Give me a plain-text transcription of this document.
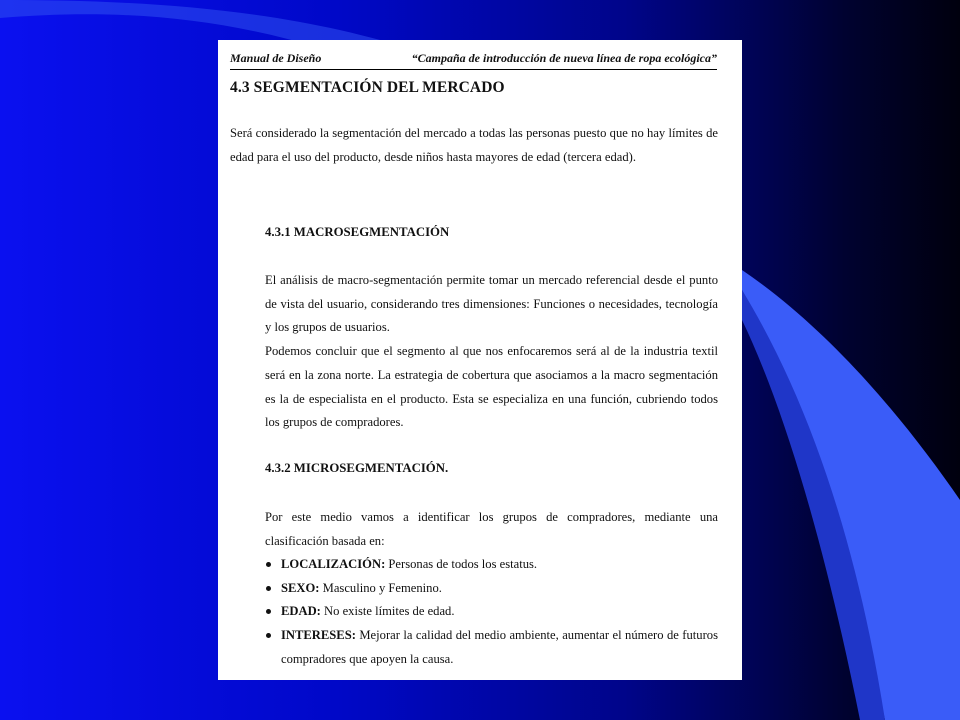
Manual de Diseño	“Campaña de introducción de nueva línea de ropa ecológica”
4.3 SEGMENTACIÓN DEL MERCADO
Será considerado la segmentación del mercado a todas las personas puesto que no hay límites de edad para el uso del producto, desde niños hasta mayores de edad (tercera edad).
4.3.1 MACROSEGMENTACIÓN
El análisis de macro-segmentación permite tomar un mercado referencial desde el punto de vista del usuario, considerando tres dimensiones: Funciones o necesidades, tecnología y los grupos de usuarios.
Podemos concluir que el segmento al que nos enfocaremos será al de la industria textil será en la zona norte. La estrategia de cobertura que asociamos a la macro segmentación es la de especialista en el producto. Esta se especializa en una función, cubriendo todos los grupos de compradores.
4.3.2 MICROSEGMENTACIÓN.
Por este medio vamos a identificar los grupos de compradores, mediante una clasificación basada en:
LOCALIZACIÓN: Personas de todos los estatus.
SEXO: Masculino y Femenino.
EDAD: No existe límites de edad.
INTERESES: Mejorar la calidad del medio ambiente, aumentar el número de futuros compradores que apoyen la causa.
